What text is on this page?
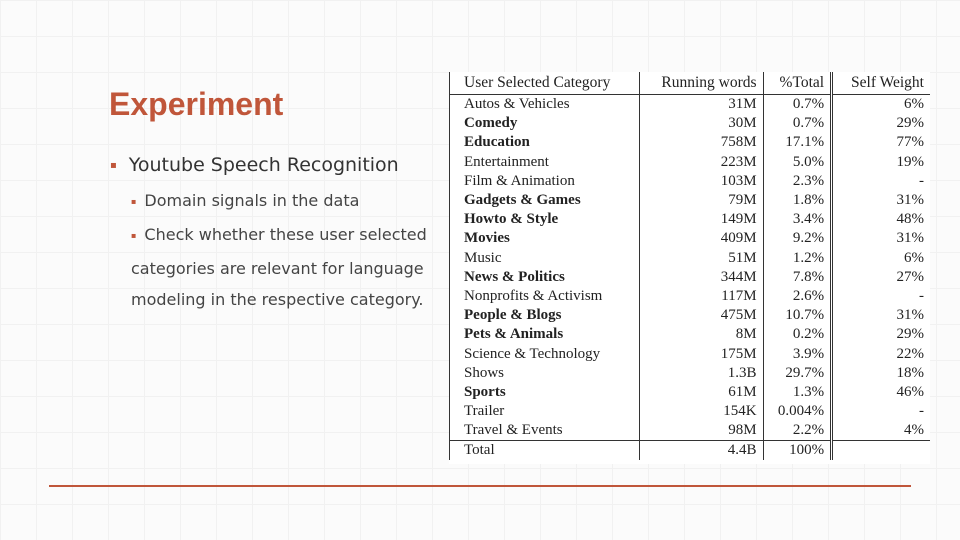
Experiment
▪ Youtube Speech Recognition
▪ Domain signals in the data
▪ Check whether these user selected
categories are relevant for language
modeling in the respective category.
User Selected Category	Running words	%Total	Self Weight
Autos & Vehicles	31M	0.7%	6%
Comedy	30M	0.7%	29%
Education	758M	17.1%	77%
Entertainment	223M	5.0%	19%
Film & Animation	103M	2.3%	-
Gadgets & Games	79M	1.8%	31%
Howto & Style	149M	3.4%	48%
Movies	409M	9.2%	31%
Music	51M	1.2%	6%
News & Politics	344M	7.8%	27%
Nonprofits & Activism	117M	2.6%	-
People & Blogs	475M	10.7%	31%
Pets & Animals	8M	0.2%	29%
Science & Technology	175M	3.9%	22%
Shows	1.3B	29.7%	18%
Sports	61M	1.3%	46%
Trailer	154K	0.004%	-
Travel & Events	98M	2.2%	4%
Total	4.4B	100%	
